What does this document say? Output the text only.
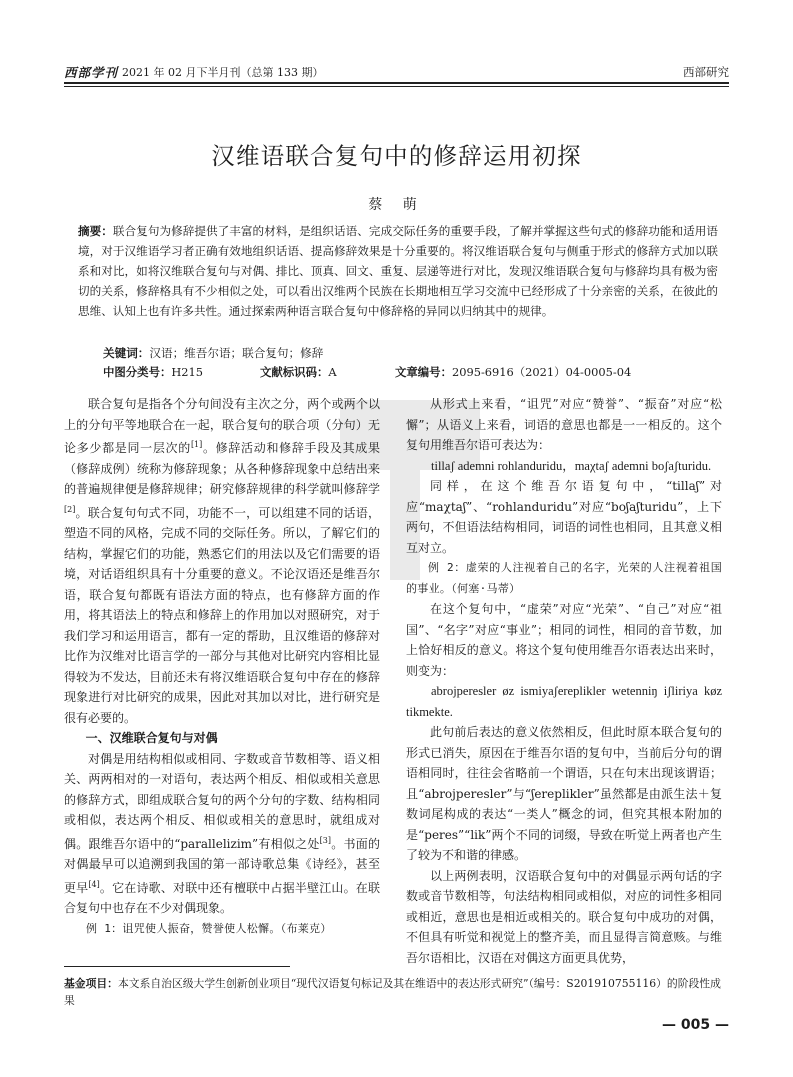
西部学刊 2021 年 02 月下半月刊（总第 133 期）	西部研究
汉维语联合复句中的修辞运用初探
蔡 萌
摘要：联合复句为修辞提供了丰富的材料，是组织话语、完成交际任务的重要手段，了解并掌握这些句式的修辞功能和适用语境，对于汉维语学习者正确有效地组织话语、提高修辞效果是十分重要的。将汉维语联合复句与侧重于形式的修辞方式加以联系和对比，如将汉维联合复句与对偶、排比、顶真、回文、重复、层递等进行对比，发现汉维语联合复句与修辞均具有极为密切的关系，修辞格具有不少相似之处，可以看出汉维两个民族在长期地相互学习交流中已经形成了十分亲密的关系，在彼此的思维、认知上也有许多共性。通过探索两种语言联合复句中修辞格的异同以归纳其中的规律。
关键词：汉语；维吾尔语；联合复句；修辞
中图分类号：H215	文献标识码：A	文章编号：2095-6916（2021）04-0005-04

联合复句是指各个分句间没有主次之分，两个或两个以上的分句平等地联合在一起，联合复句的联合项（分句）无论多少都是同一层次的[1]。修辞活动和修辞手段及其成果（修辞成例）统称为修辞现象；从各种修辞现象中总结出来的普遍规律便是修辞规律；研究修辞规律的科学就叫修辞学[2]。联合复句句式不同，功能不一，可以组建不同的话语，塑造不同的风格，完成不同的交际任务。所以，了解它们的结构，掌握它们的功能，熟悉它们的用法以及它们需要的语境，对话语组织具有十分重要的意义。不论汉语还是维吾尔语，联合复句都既有语法方面的特点，也有修辞方面的作用，将其语法上的特点和修辞上的作用加以对照研究，对于我们学习和运用语言，都有一定的帮助，且汉维语的修辞对比作为汉维对比语言学的一部分与其他对比研究内容相比显得较为不发达，目前还未有将汉维语联合复句中存在的修辞现象进行对比研究的成果，因此对其加以对比，进行研究是很有必要的。

一、汉维联合复句与对偶

对偶是用结构相似或相同、字数或音节数相等、语义相关、两两相对的一对语句，表达两个相反、相似或相关意思的修辞方式，即组成联合复句的两个分句的字数、结构相同或相似，表达两个相反、相似或相关的意思时，就组成对偶。跟维吾尔语中的“parallelizim”有相似之处[3]。书面的对偶最早可以追溯到我国的第一部诗歌总集《诗经》，甚至更早[4]。它在诗歌、对联中还有檀联中占据半壁江山。在联合复句中也存在不少对偶现象。

例 1：诅咒使人振奋，赞誉使人松懈。（布莱克）

从形式上来看，“诅咒”对应“赞誉”、“振奋”对应“松懈”；从语义上来看，词语的意思也都是一一相反的。这个复句用维吾尔语可表达为：

tillaʃ ademni rohlanduridu，maχtaʃ ademni boʃaʃturidu.

同样，在这个维吾尔语复句中，“tillaʃ”对应“maχtaʃ”、“rohlanduridu”对应“boʃaʃturidu”，上下两句，不但语法结构相同，词语的词性也相同，且其意义相互对立。

例 2：虚荣的人注视着自己的名字，光荣的人注视着祖国的事业。（何塞·马蒂）

在这个复句中，“虚荣”对应“光荣”、“自己”对应“祖国”、“名字”对应“事业”；相同的词性，相同的音节数，加上恰好相反的意义。将这个复句使用维吾尔语表达出来时，则变为：

abrojperesler øz ismiyaʃereplikler wetenniŋ iʃliriya køz tikmekte.

此句前后表达的意义依然相反，但此时原本联合复句的形式已消失，原因在于维吾尔语的复句中，当前后分句的谓语相同时，往往会省略前一个谓语，只在句末出现该谓语；且“abrojperesler”与“ʃereplikler”虽然都是由派生法＋复数词尾构成的表达“一类人”概念的词，但究其根本附加的是“peres”“lik”两个不同的词缀，导致在听觉上两者也产生了较为不和谐的律感。

以上两例表明，汉语联合复句中的对偶显示两句话的字数或音节数相等，句法结构相同或相似，对应的词性多相同或相近，意思也是相近或相关的。联合复句中成功的对偶，不但具有听觉和视觉上的整齐美，而且显得言简意赅。与维吾尔语相比，汉语在对偶这方面更具优势，

基金项目：本文系自治区级大学生创新创业项目“现代汉语复句标记及其在维语中的表达形式研究”（编号：S201910755116）的阶段性成果
— 005 —
